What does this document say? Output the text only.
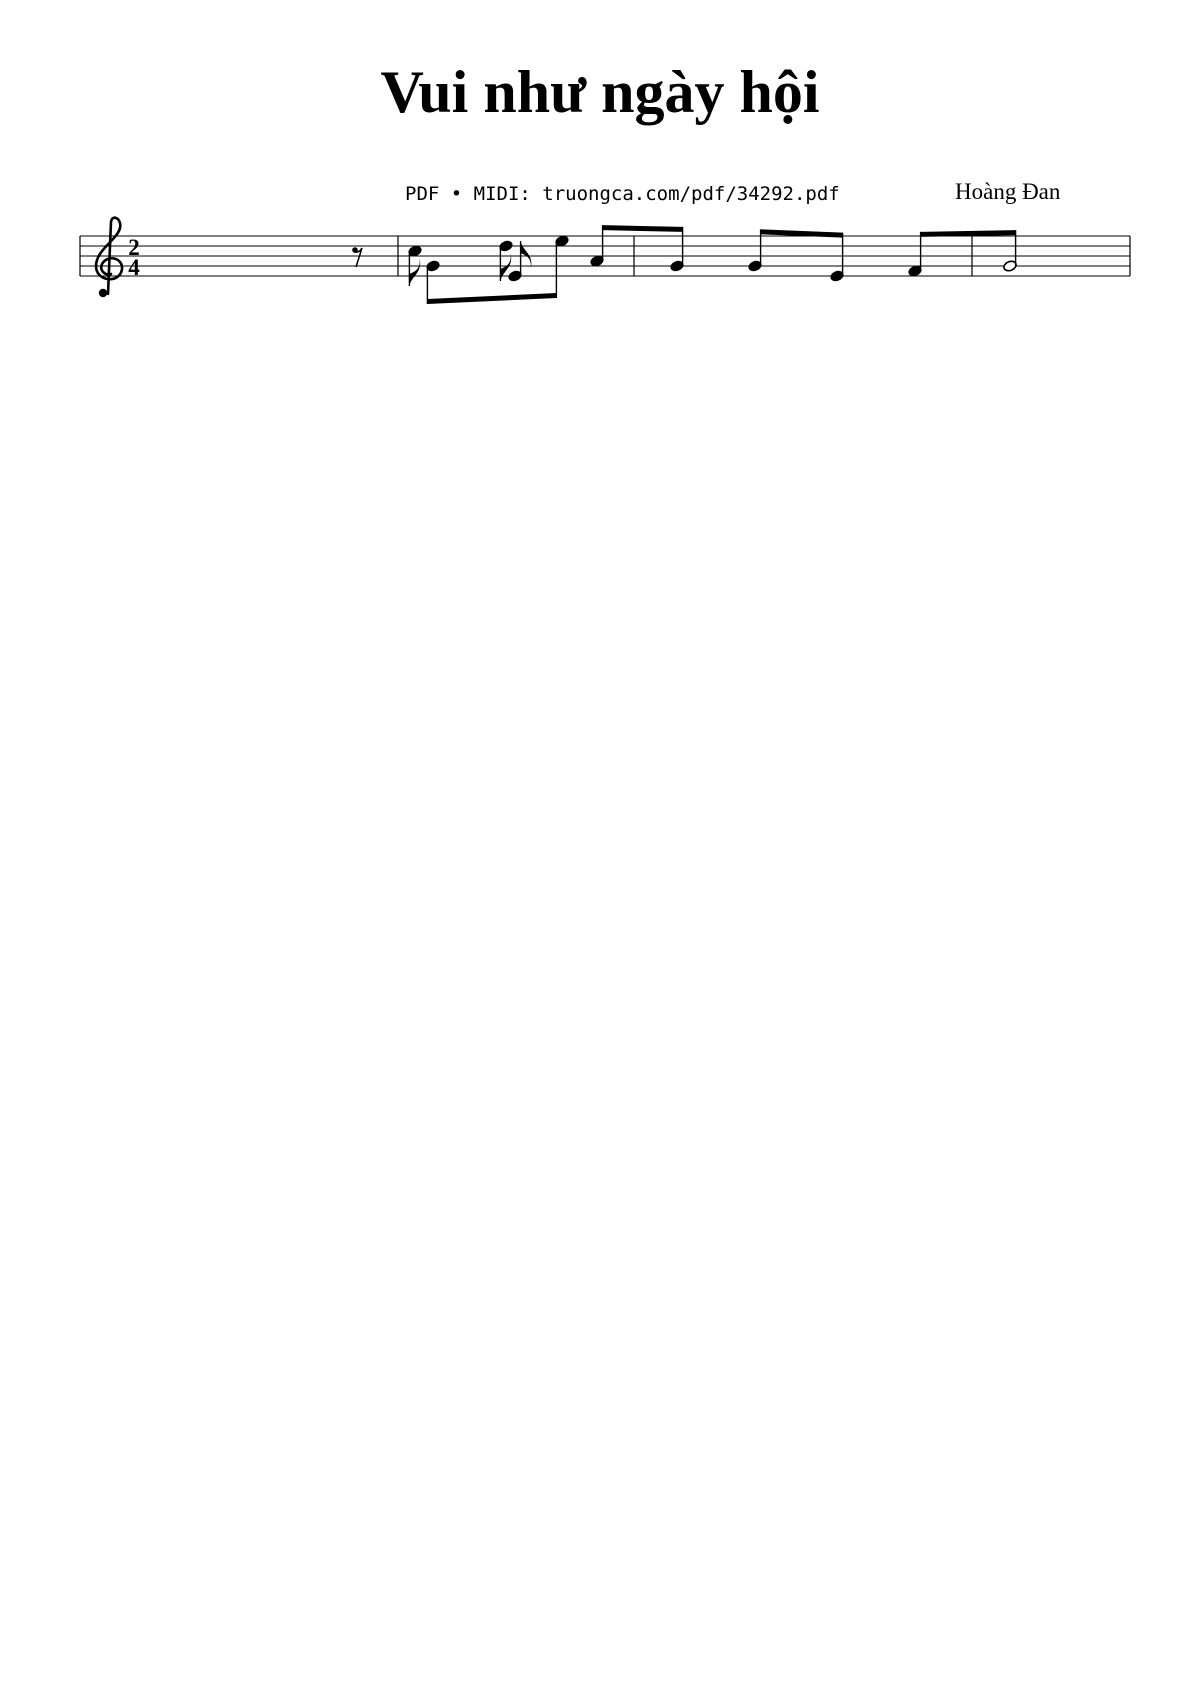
Vui như ngày hội
PDF • MIDI: truongca.com/pdf/34292.pdf	Hoàng Đan
2
4
